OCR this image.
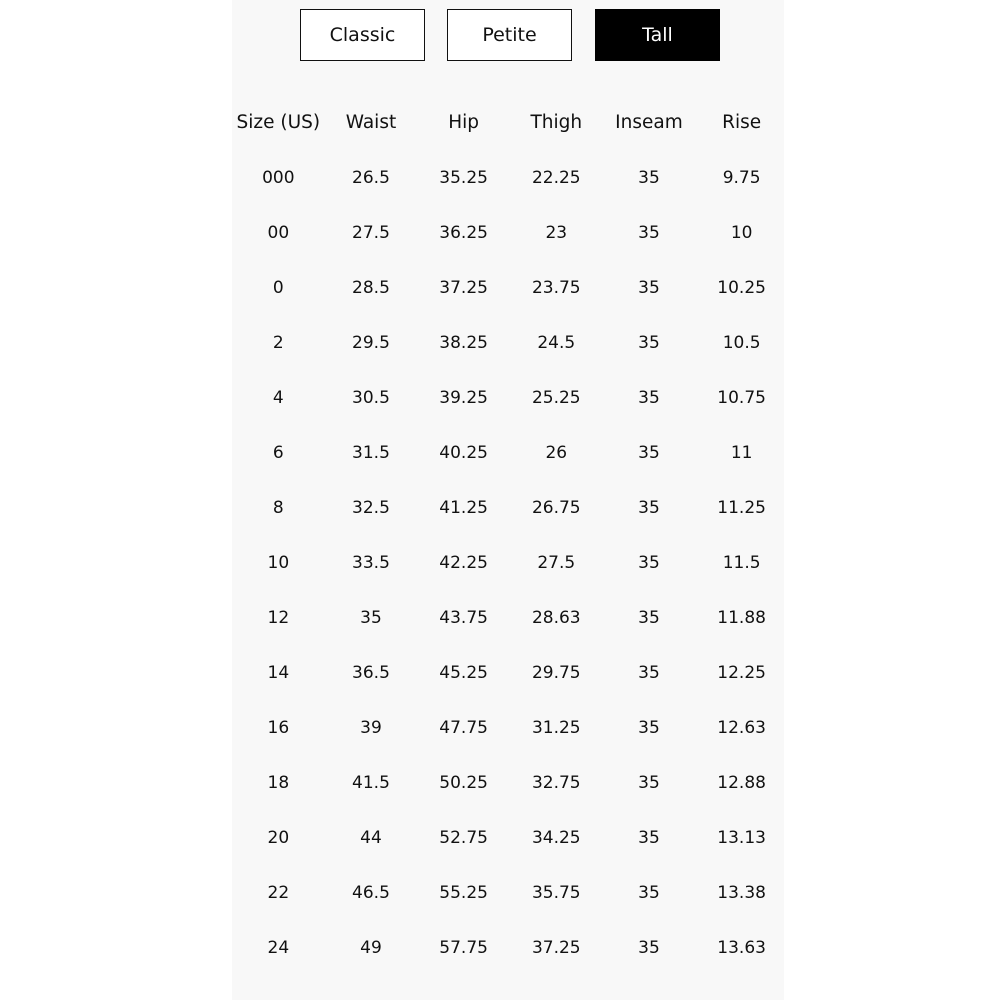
Classic	Petite	Tall
Size (US)	Waist	Hip	Thigh	Inseam	Rise
000	26.5	35.25	22.25	35	9.75
00	27.5	36.25	23	35	10
0	28.5	37.25	23.75	35	10.25
2	29.5	38.25	24.5	35	10.5
4	30.5	39.25	25.25	35	10.75
6	31.5	40.25	26	35	11
8	32.5	41.25	26.75	35	11.25
10	33.5	42.25	27.5	35	11.5
12	35	43.75	28.63	35	11.88
14	36.5	45.25	29.75	35	12.25
16	39	47.75	31.25	35	12.63
18	41.5	50.25	32.75	35	12.88
20	44	52.75	34.25	35	13.13
22	46.5	55.25	35.75	35	13.38
24	49	57.75	37.25	35	13.63
